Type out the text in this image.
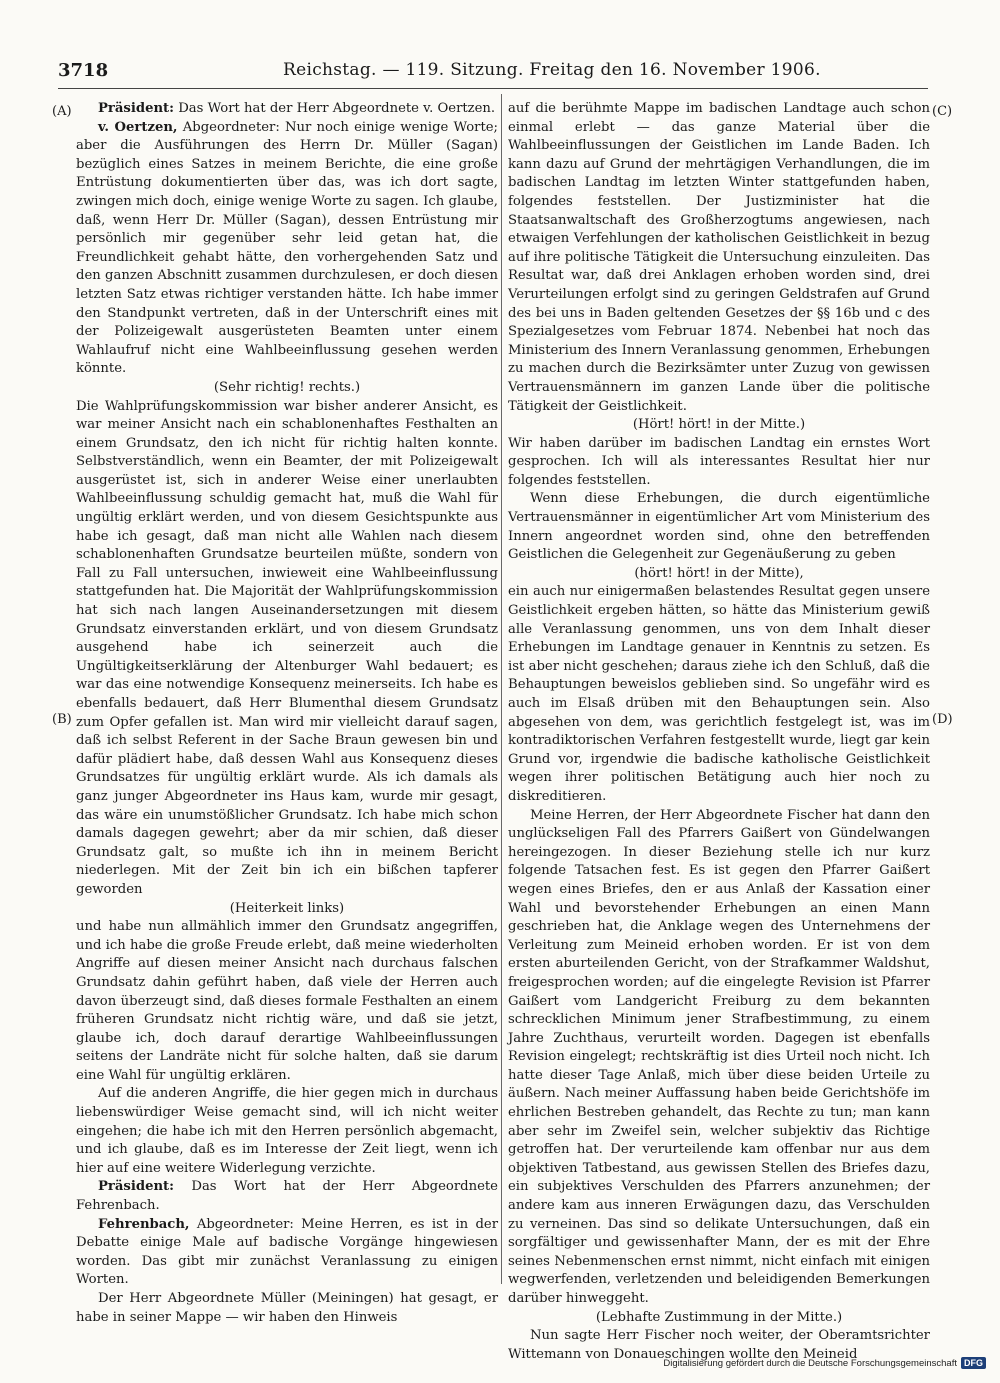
3718	Reichstag. — 119. Sitzung. Freitag den 16. November 1906.
(A)
(B)
(C)
(D)

Präsident: Das Wort hat der Herr Abgeordnete v. Oertzen.

v. Oertzen, Abgeordneter: Nur noch einige wenige Worte; aber die Ausführungen des Herrn Dr. Müller (Sagan) bezüglich eines Satzes in meinem Berichte, die eine große Entrüstung dokumentierten über das, was ich dort sagte, zwingen mich doch, einige wenige Worte zu sagen. Ich glaube, daß, wenn Herr Dr. Müller (Sagan), dessen Entrüstung mir persönlich mir gegenüber sehr leid getan hat, die Freundlichkeit gehabt hätte, den vorhergehenden Satz und den ganzen Abschnitt zusammen durchzulesen, er doch diesen letzten Satz etwas richtiger verstanden hätte. Ich habe immer den Standpunkt vertreten, daß in der Unterschrift eines mit der Polizeigewalt ausgerüsteten Beamten unter einem Wahlaufruf nicht eine Wahlbeeinflussung gesehen werden könnte.

(Sehr richtig! rechts.)

Die Wahlprüfungskommission war bisher anderer Ansicht, es war meiner Ansicht nach ein schablonenhaftes Festhalten an einem Grundsatz, den ich nicht für richtig halten konnte. Selbstverständlich, wenn ein Beamter, der mit Polizeigewalt ausgerüstet ist, sich in anderer Weise einer unerlaubten Wahlbeeinflussung schuldig gemacht hat, muß die Wahl für ungültig erklärt werden, und von diesem Gesichtspunkte aus habe ich gesagt, daß man nicht alle Wahlen nach diesem schablonenhaften Grundsatze beurteilen müßte, sondern von Fall zu Fall untersuchen, inwieweit eine Wahlbeeinflussung stattgefunden hat. Die Majorität der Wahlprüfungskommission hat sich nach langen Auseinandersetzungen mit diesem Grundsatz einverstanden erklärt, und von diesem Grundsatz ausgehend habe ich seinerzeit auch die Ungültigkeitserklärung der Altenburger Wahl bedauert; es war das eine notwendige Konsequenz meinerseits. Ich habe es ebenfalls bedauert, daß Herr Blumenthal diesem Grundsatz zum Opfer gefallen ist. Man wird mir vielleicht darauf sagen, daß ich selbst Referent in der Sache Braun gewesen bin und dafür plädiert habe, daß dessen Wahl aus Konsequenz dieses Grundsatzes für ungültig erklärt wurde. Als ich damals als ganz junger Abgeordneter ins Haus kam, wurde mir gesagt, das wäre ein unumstößlicher Grundsatz. Ich habe mich schon damals dagegen gewehrt; aber da mir schien, daß dieser Grundsatz galt, so mußte ich ihn in meinem Bericht niederlegen. Mit der Zeit bin ich ein bißchen tapferer geworden

(Heiterkeit links)

und habe nun allmählich immer den Grundsatz angegriffen, und ich habe die große Freude erlebt, daß meine wiederholten Angriffe auf diesen meiner Ansicht nach durchaus falschen Grundsatz dahin geführt haben, daß viele der Herren auch davon überzeugt sind, daß dieses formale Festhalten an einem früheren Grundsatz nicht richtig wäre, und daß sie jetzt, glaube ich, doch darauf derartige Wahlbeeinflussungen seitens der Landräte nicht für solche halten, daß sie darum eine Wahl für ungültig erklären.

Auf die anderen Angriffe, die hier gegen mich in durchaus liebenswürdiger Weise gemacht sind, will ich nicht weiter eingehen; die habe ich mit den Herren persönlich abgemacht, und ich glaube, daß es im Interesse der Zeit liegt, wenn ich hier auf eine weitere Widerlegung verzichte.

Präsident: Das Wort hat der Herr Abgeordnete Fehrenbach.

Fehrenbach, Abgeordneter: Meine Herren, es ist in der Debatte einige Male auf badische Vorgänge hingewiesen worden. Das gibt mir zunächst Veranlassung zu einigen Worten.

Der Herr Abgeordnete Müller (Meiningen) hat gesagt, er habe in seiner Mappe — wir haben den Hinweis

auf die berühmte Mappe im badischen Landtage auch schon einmal erlebt — das ganze Material über die Wahlbeeinflussungen der Geistlichen im Lande Baden. Ich kann dazu auf Grund der mehrtägigen Verhandlungen, die im badischen Landtag im letzten Winter stattgefunden haben, folgendes feststellen. Der Justizminister hat die Staatsanwaltschaft des Großherzogtums angewiesen, nach etwaigen Verfehlungen der katholischen Geistlichkeit in bezug auf ihre politische Tätigkeit die Untersuchung einzuleiten. Das Resultat war, daß drei Anklagen erhoben worden sind, drei Verurteilungen erfolgt sind zu geringen Geldstrafen auf Grund des bei uns in Baden geltenden Gesetzes der §§ 16b und c des Spezialgesetzes vom Februar 1874. Nebenbei hat noch das Ministerium des Innern Veranlassung genommen, Erhebungen zu machen durch die Bezirksämter unter Zuzug von gewissen Vertrauensmännern im ganzen Lande über die politische Tätigkeit der Geistlichkeit.

(Hört! hört! in der Mitte.)

Wir haben darüber im badischen Landtag ein ernstes Wort gesprochen. Ich will als interessantes Resultat hier nur folgendes feststellen.

Wenn diese Erhebungen, die durch eigentümliche Vertrauensmänner in eigentümlicher Art vom Ministerium des Innern angeordnet worden sind, ohne den betreffenden Geistlichen die Gelegenheit zur Gegenäußerung zu geben

(hört! hört! in der Mitte),

ein auch nur einigermaßen belastendes Resultat gegen unsere Geistlichkeit ergeben hätten, so hätte das Ministerium gewiß alle Veranlassung genommen, uns von dem Inhalt dieser Erhebungen im Landtage genauer in Kenntnis zu setzen. Es ist aber nicht geschehen; daraus ziehe ich den Schluß, daß die Behauptungen beweislos geblieben sind. So ungefähr wird es auch im Elsaß drüben mit den Behauptungen sein. Also abgesehen von dem, was gerichtlich festgelegt ist, was im kontradiktorischen Verfahren festgestellt wurde, liegt gar kein Grund vor, irgendwie die badische katholische Geistlichkeit wegen ihrer politischen Betätigung auch hier noch zu diskreditieren.

Meine Herren, der Herr Abgeordnete Fischer hat dann den unglückseligen Fall des Pfarrers Gaißert von Gündelwangen hereingezogen. In dieser Beziehung stelle ich nur kurz folgende Tatsachen fest. Es ist gegen den Pfarrer Gaißert wegen eines Briefes, den er aus Anlaß der Kassation einer Wahl und bevorstehender Erhebungen an einen Mann geschrieben hat, die Anklage wegen des Unternehmens der Verleitung zum Meineid erhoben worden. Er ist von dem ersten aburteilenden Gericht, von der Strafkammer Waldshut, freigesprochen worden; auf die eingelegte Revision ist Pfarrer Gaißert vom Landgericht Freiburg zu dem bekannten schrecklichen Minimum jener Strafbestimmung, zu einem Jahre Zuchthaus, verurteilt worden. Dagegen ist ebenfalls Revision eingelegt; rechtskräftig ist dies Urteil noch nicht. Ich hatte dieser Tage Anlaß, mich über diese beiden Urteile zu äußern. Nach meiner Auffassung haben beide Gerichtshöfe im ehrlichen Bestreben gehandelt, das Rechte zu tun; man kann aber sehr im Zweifel sein, welcher subjektiv das Richtige getroffen hat. Der verurteilende kam offenbar nur aus dem objektiven Tatbestand, aus gewissen Stellen des Briefes dazu, ein subjektives Verschulden des Pfarrers anzunehmen; der andere kam aus inneren Erwägungen dazu, das Verschulden zu verneinen. Das sind so delikate Untersuchungen, daß ein sorgfältiger und gewissenhafter Mann, der es mit der Ehre seines Nebenmenschen ernst nimmt, nicht einfach mit einigen wegwerfenden, verletzenden und beleidigenden Bemerkungen darüber hinweggeht.

(Lebhafte Zustimmung in der Mitte.)

Nun sagte Herr Fischer noch weiter, der Oberamtsrichter Wittemann von Donaueschingen wollte den Meineid

Digitalisierung gefördert durch die Deutsche Forschungsgemeinschaft DFG
